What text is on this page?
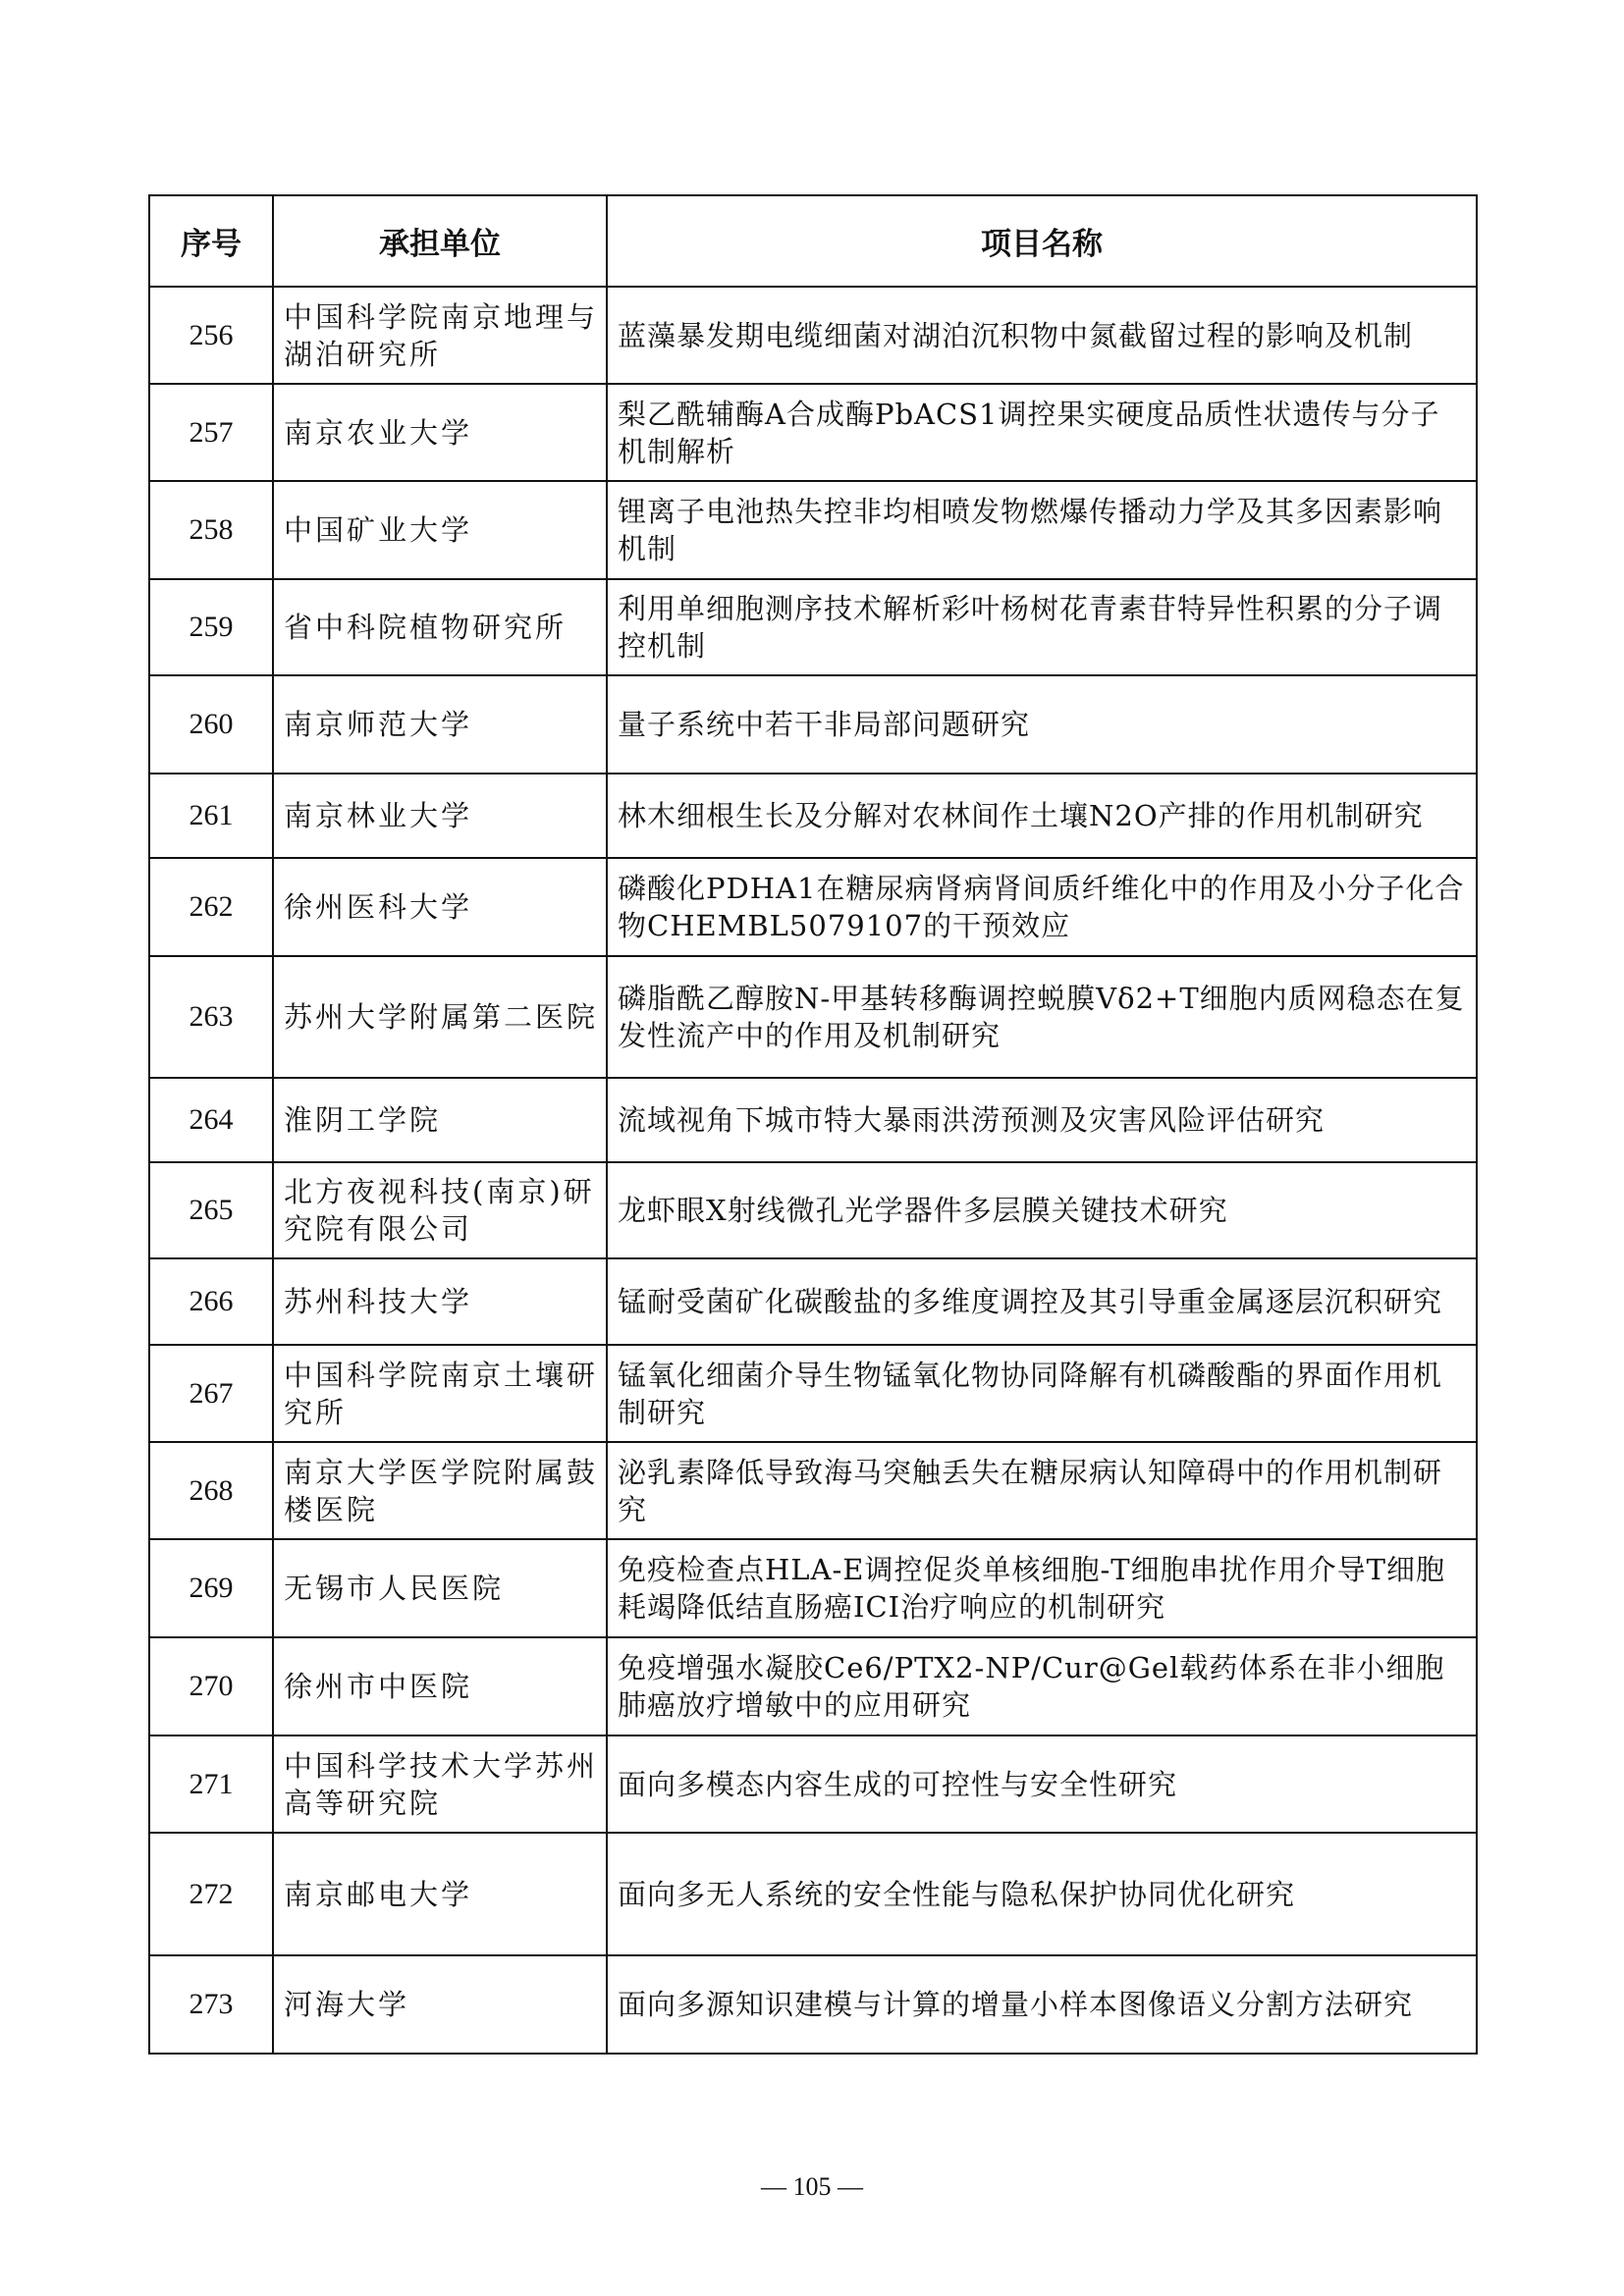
序号	承担单位	项目名称
256	中国科学院南京地理与湖泊研究所	蓝藻暴发期电缆细菌对湖泊沉积物中氮截留过程的影响及机制
257	南京农业大学	梨乙酰辅酶A合成酶PbACS1调控果实硬度品质性状遗传与分子机制解析
258	中国矿业大学	锂离子电池热失控非均相喷发物燃爆传播动力学及其多因素影响机制
259	省中科院植物研究所	利用单细胞测序技术解析彩叶杨树花青素苷特异性积累的分子调控机制
260	南京师范大学	量子系统中若干非局部问题研究
261	南京林业大学	林木细根生长及分解对农林间作土壤N2O产排的作用机制研究
262	徐州医科大学	磷酸化PDHA1在糖尿病肾病肾间质纤维化中的作用及小分子化合物CHEMBL5079107的干预效应
263	苏州大学附属第二医院	磷脂酰乙醇胺N-甲基转移酶调控蜕膜Vδ2+T细胞内质网稳态在复发性流产中的作用及机制研究
264	淮阴工学院	流域视角下城市特大暴雨洪涝预测及灾害风险评估研究
265	北方夜视科技(南京)研究院有限公司	龙虾眼X射线微孔光学器件多层膜关键技术研究
266	苏州科技大学	锰耐受菌矿化碳酸盐的多维度调控及其引导重金属逐层沉积研究
267	中国科学院南京土壤研究所	锰氧化细菌介导生物锰氧化物协同降解有机磷酸酯的界面作用机制研究
268	南京大学医学院附属鼓楼医院	泌乳素降低导致海马突触丢失在糖尿病认知障碍中的作用机制研究
269	无锡市人民医院	免疫检查点HLA-E调控促炎单核细胞-T细胞串扰作用介导T细胞耗竭降低结直肠癌ICI治疗响应的机制研究
270	徐州市中医院	免疫增强水凝胶Ce6/PTX2-NP/Cur@Gel载药体系在非小细胞肺癌放疗增敏中的应用研究
271	中国科学技术大学苏州高等研究院	面向多模态内容生成的可控性与安全性研究
272	南京邮电大学	面向多无人系统的安全性能与隐私保护协同优化研究
273	河海大学	面向多源知识建模与计算的增量小样本图像语义分割方法研究
— 105 —
